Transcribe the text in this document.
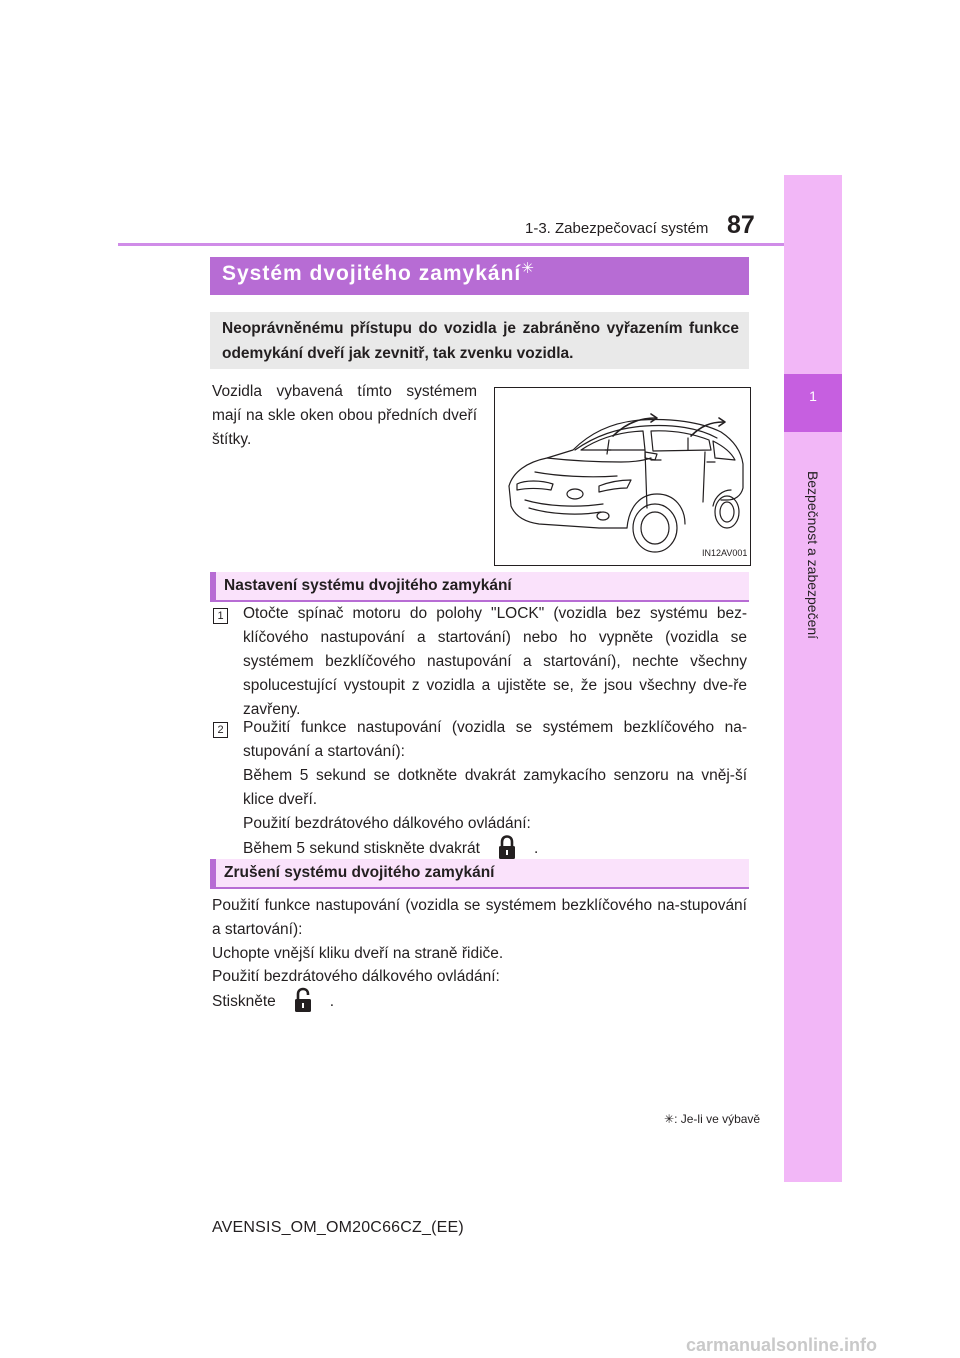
1-3. Zabezpečovací systém 87
1
Bezpečnost a zabezpečení
Systém dvojitého zamykání✳
Neoprávněnému přístupu do vozidla je zabráněno vyřazením funkce odemykání dveří jak zevnitř, tak zvenku vozidla.
Vozidla vybavená tímto systémem mají na skle oken obou předních dveří štítky.
IN12AV001
Nastavení systému dvojitého zamykání
1 Otočte spínač motoru do polohy "LOCK" (vozidla bez systému bez-klíčového nastupování a startování) nebo ho vypněte (vozidla se systémem bezklíčového nastupování a startování), nechte všechny spolucestující vystoupit z vozidla a ujistěte se, že jsou všechny dve-ře zavřeny.
2 Použití funkce nastupování (vozidla se systémem bezklíčového na-stupování a startování):
Během 5 sekund se dotkněte dvakrát zamykacího senzoru na vněj-ší klice dveří.
Použití bezdrátového dálkového ovládání:
Během 5 sekund stiskněte dvakrát	.
Zrušení systému dvojitého zamykání
Použití funkce nastupování (vozidla se systémem bezklíčového na-stupování a startování):
Uchopte vnější kliku dveří na straně řidiče.
Použití bezdrátového dálkového ovládání:
Stiskněte	.
✳: Je-li ve výbavě
AVENSIS_OM_OM20C66CZ_(EE)
carmanualsonline.info
